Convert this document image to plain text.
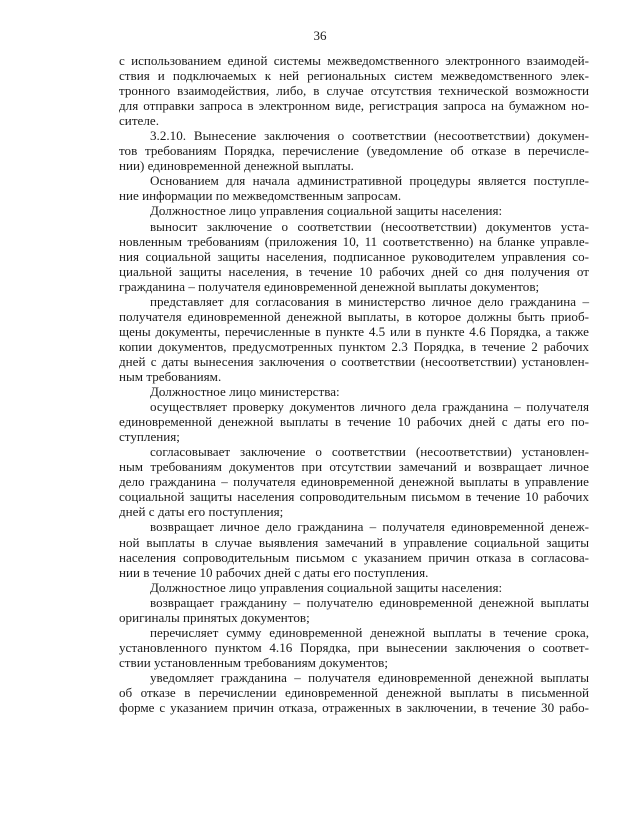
36
с использованием единой системы межведомственного электронного взаимодей-
ствия и подключаемых к ней региональных систем межведомственного элек-
тронного взаимодействия, либо, в случае отсутствия технической возможности
для отправки запроса в электронном виде, регистрация запроса на бумажном но-
сителе.
3.2.10. Вынесение заключения о соответствии (несоответствии) докумен-
тов требованиям Порядка, перечисление (уведомление об отказе в перечисле-
нии) единовременной денежной выплаты.
Основанием для начала административной процедуры является поступле-
ние информации по межведомственным запросам.
Должностное лицо управления социальной защиты населения:
выносит заключение о соответствии (несоответствии) документов уста-
новленным требованиям (приложения 10, 11 соответственно) на бланке управле-
ния социальной защиты населения, подписанное руководителем управления со-
циальной защиты населения, в течение 10 рабочих дней со дня получения от
гражданина – получателя единовременной денежной выплаты документов;
представляет для согласования в министерство личное дело гражданина –
получателя единовременной денежной выплаты, в которое должны быть приоб-
щены документы, перечисленные в пункте 4.5 или в пункте 4.6 Порядка, а также
копии документов, предусмотренных пунктом 2.3 Порядка, в течение 2 рабочих
дней с даты вынесения заключения о соответствии (несоответствии) установлен-
ным требованиям.
Должностное лицо министерства:
осуществляет проверку документов личного дела гражданина – получателя
единовременной денежной выплаты в течение 10 рабочих дней с даты его по-
ступления;
согласовывает заключение о соответствии (несоответствии) установлен-
ным требованиям документов при отсутствии замечаний и возвращает личное
дело гражданина – получателя единовременной денежной выплаты в управление
социальной защиты населения сопроводительным письмом в течение 10 рабочих
дней с даты его поступления;
возвращает личное дело гражданина – получателя единовременной денеж-
ной выплаты в случае выявления замечаний в управление социальной защиты
населения сопроводительным письмом с указанием причин отказа в согласова-
нии в течение 10 рабочих дней с даты его поступления.
Должностное лицо управления социальной защиты населения:
возвращает гражданину – получателю единовременной денежной выплаты
оригиналы принятых документов;
перечисляет сумму единовременной денежной выплаты в течение срока,
установленного пунктом 4.16 Порядка, при вынесении заключения о соответ-
ствии установленным требованиям документов;
уведомляет гражданина – получателя единовременной денежной выплаты
об отказе в перечислении единовременной денежной выплаты в письменной
форме с указанием причин отказа, отраженных в заключении, в течение 30 рабо-
